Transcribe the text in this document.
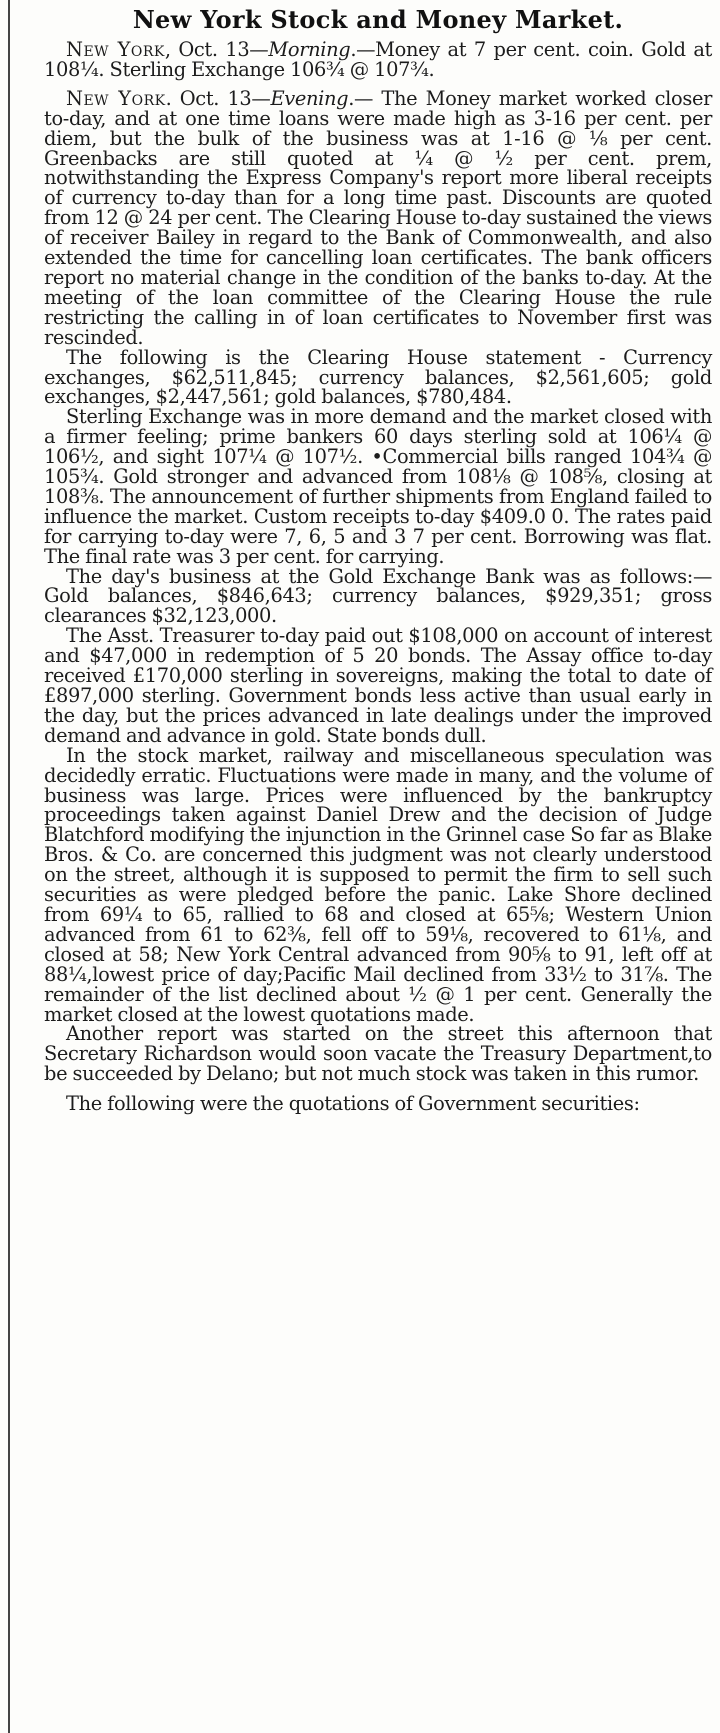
New York Stock and Money Market.

New York, Oct. 13—Morning.—Money at 7 per cent. coin. Gold at 108¼. Sterling Exchange 106¾ @ 107¾.

New York. Oct. 13—Evening.— The Money market worked closer to-day, and at one time loans were made high as 3-16 per cent. per diem, but the bulk of the business was at 1-16 @ ⅛ per cent. Greenbacks are still quoted at ¼ @ ½ per cent. prem, notwithstanding the Express Company's report more liberal receipts of currency to-day than for a long time past. Discounts are quoted from 12 @ 24 per cent. The Clearing House to-day sustained the views of receiver Bailey in regard to the Bank of Commonwealth, and also extended the time for cancelling loan certificates. The bank officers report no material change in the condition of the banks to-day. At the meeting of the loan committee of the Clearing House the rule restricting the calling in of loan certificates to November first was rescinded.

The following is the Clearing House statement - Currency exchanges, $62,511,845; currency balances, $2,561,605; gold exchanges, $2,447,561; gold balances, $780,484.

Sterling Exchange was in more demand and the market closed with a firmer feeling; prime bankers 60 days sterling sold at 106¼ @ 106½, and sight 107¼ @ 107½. •Commercial bills ranged 104¾ @ 105¾. Gold stronger and advanced from 108⅛ @ 108⅝, closing at 108⅜. The announcement of further shipments from England failed to influence the market. Custom receipts to-day $409.0 0. The rates paid for carrying to-day were 7, 6, 5 and 3 7 per cent. Borrowing was flat. The final rate was 3 per cent. for carrying.

The day's business at the Gold Exchange Bank was as follows:—Gold balances, $846,643; currency balances, $929,351; gross clearances $32,123,000.

The Asst. Treasurer to-day paid out $108,000 on account of interest and $47,000 in redemption of 5 20 bonds. The Assay office to-day received £170,000 sterling in sovereigns, making the total to date of £897,000 sterling. Government bonds less active than usual early in the day, but the prices advanced in late dealings under the improved demand and advance in gold. State bonds dull.

In the stock market, railway and miscellaneous speculation was decidedly erratic. Fluctuations were made in many, and the volume of business was large. Prices were influenced by the bankruptcy proceedings taken against Daniel Drew and the decision of Judge Blatchford modifying the injunction in the Grinnel case So far as Blake Bros. & Co. are concerned this judgment was not clearly understood on the street, although it is supposed to permit the firm to sell such securities as were pledged before the panic. Lake Shore declined from 69¼ to 65, rallied to 68 and closed at 65⅝; Western Union advanced from 61 to 62⅜, fell off to 59⅛, recovered to 61⅛, and closed at 58; New York Central advanced from 90⅝ to 91, left off at 88¼,lowest price of day;Pacific Mail declined from 33½ to 31⅞. The remainder of the list declined about ½ @ 1 per cent. Generally the market closed at the lowest quotations made.

Another report was started on the street this afternoon that Secretary Richardson would soon vacate the Treasury Department,to be succeeded by Delano; but not much stock was taken in this rumor.

The following were the quotations of Government securities:
